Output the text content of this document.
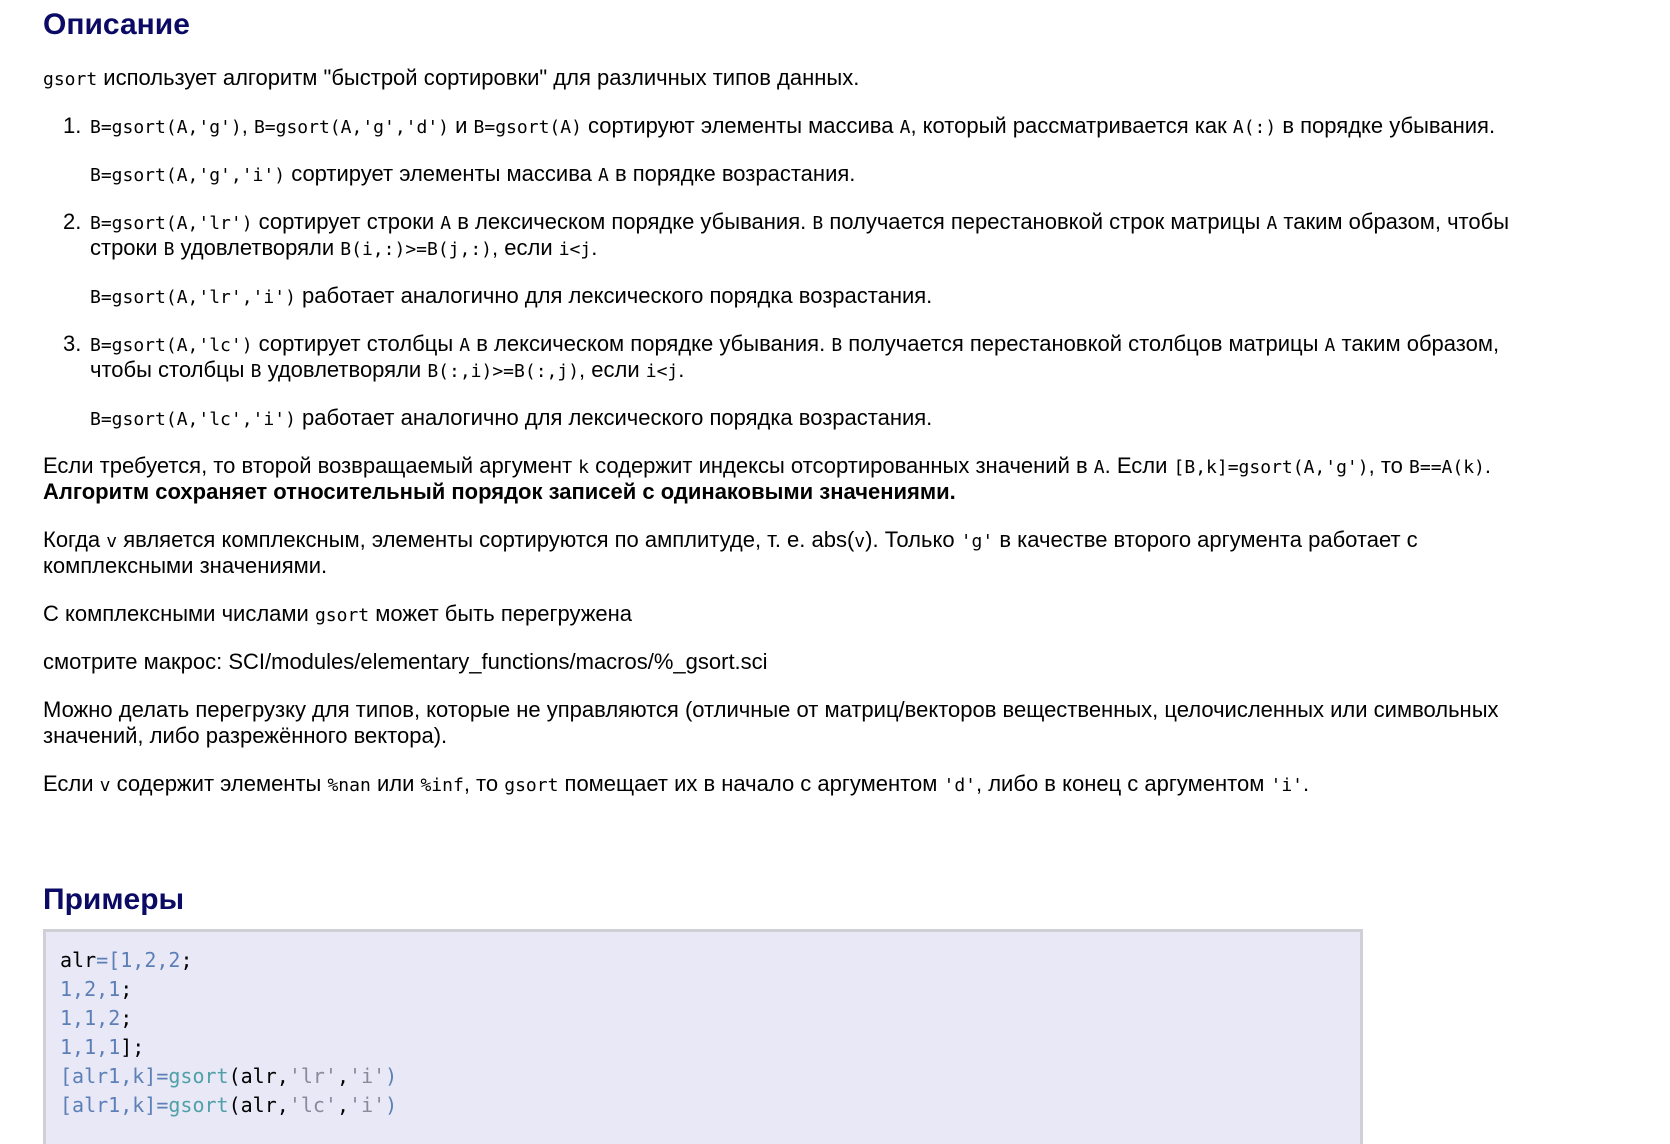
Описание
gsort использует алгоритм "быстрой сортировки" для различных типов данных.
1. B=gsort(A,'g'), B=gsort(A,'g','d') и B=gsort(A) сортируют элементы массива A, который рассматривается как A(:) в порядке убывания.
B=gsort(A,'g','i') сортирует элементы массива A в порядке возрастания.
2. B=gsort(A,'lr') сортирует строки A в лексическом порядке убывания. B получается перестановкой строк матрицы A таким образом, чтобы
строки B удовлетворяли B(i,:)>=B(j,:), если i<j.
B=gsort(A,'lr','i') работает аналогично для лексического порядка возрастания.
3. B=gsort(A,'lc') сортирует столбцы A в лексическом порядке убывания. B получается перестановкой столбцов матрицы A таким образом,
чтобы столбцы B удовлетворяли B(:,i)>=B(:,j), если i<j.
B=gsort(A,'lc','i') работает аналогично для лексического порядка возрастания.
Если требуется, то второй возвращаемый аргумент k содержит индексы отсортированных значений в A. Если [B,k]=gsort(A,'g'), то B==A(k).
Алгоритм сохраняет относительный порядок записей с одинаковыми значениями.
Когда v является комплексным, элементы сортируются по амплитуде, т. е. abs(v). Только 'g' в качестве второго аргумента работает с
комплексными значениями.
С комплексными числами gsort может быть перегружена
смотрите макрос: SCI/modules/elementary_functions/macros/%_gsort.sci
Можно делать перегрузку для типов, которые не управляются (отличные от матриц/векторов вещественных, целочисленных или символьных
значений, либо разрежённого вектора).
Если v содержит элементы %nan или %inf, то gsort помещает их в начало с аргументом 'd', либо в конец с аргументом 'i'.
Примеры
alr=[1,2,2;
1,2,1;
1,1,2;
1,1,1];
[alr1,k]=gsort(alr,'lr','i')
[alr1,k]=gsort(alr,'lc','i')
